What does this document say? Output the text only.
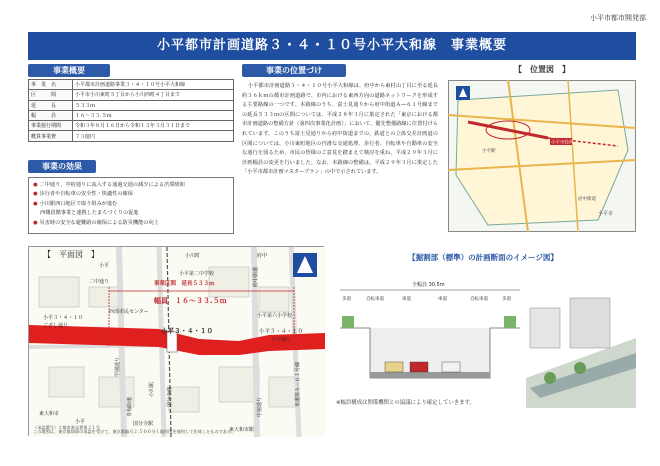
小平市都市開発部
小平都市計画道路３・４・１０号小平大和線　事業概要
事業概要
事　業　名	小平都市計画道路事業３・４・１０号小平大和線
区　　　間	小平市小川東町５丁目から小川西町４丁目まで
延　　　長	５３３ｍ
幅　　　員	１６～３３.５ｍ
事業施行期間	令和３年８月１６日から令和１３年３月３１日まで
概算事業費	７３億円
事業の効果
● 二中通り、中宿通りに流入する通過交通の減少による渋滞緩和
● 歩行者や自転車の安全性・快適性の確保
● 小川駅西口地区で取り組みが進む
西側段階事業と連携したまちづくりの促進
● 災害時の安全な避難路の確保による防災機能の向上
事業の位置づけ
小平都市計画道路３・４・１０号小平大和線は、府中から東村山丁目に至る延長約３６ｋｍの都市計画道路で、市内における東西方向の道路ネットワークを形成する主要路線の一つです。本路線のうち、富士見通りから府中街道Ａ―６１号線までの延長５３３ｍの区間については、平成２８年３月に策定された「東京における都市計画道路の整備方針（第四次事業化計画）」において、優先整備路線に位置付けられています。このうち富士見通りから府中街道までの、鉄道との立体交差計画道の区間については、小川東町地区の円滑な交通処理、歩行者、自転車や自動車の安全な通行を図るため、市民の皆様のご意見を踏まえて検討を重ね、平成２９年３月に計画幅員の変更を行いました。なお、本路線の整備は、平成２９年３月に策定した「小平市都市計画マスタープラン」の中で示されています。
【　位置図　】
小平市役所
小平市
府中街道
小平駅
【　平面図　】
小平第二中学校
事業区間　延長５３３ｍ
幅員　１６～３３.５ｍ
西部市民センター
二中通り
小平３・４・１０	小平３・４・１０
六小通り
小平第六小学校
小平３・４・１０
ござし通り
この地図は、東京都知事の承認を受けて、東京都縮尺２,５００分１地形図を使用して作成したものである。
（承認番号）２都市基交著第２１号
東大和市
国分寺駅
小川町	府中
小平
東大和市駅
小平
学園通り
国分寺線
青梅街道
府中街道
市道第Ａ－６１号線
中宿通り
小川駅
【掘割部（標準）の計画断面のイメージ図】
全幅員 30.5m
歩道	自転車道	車道	車道	自転車道	歩道
※幅員構成は関係機関との協議により確定していきます。
